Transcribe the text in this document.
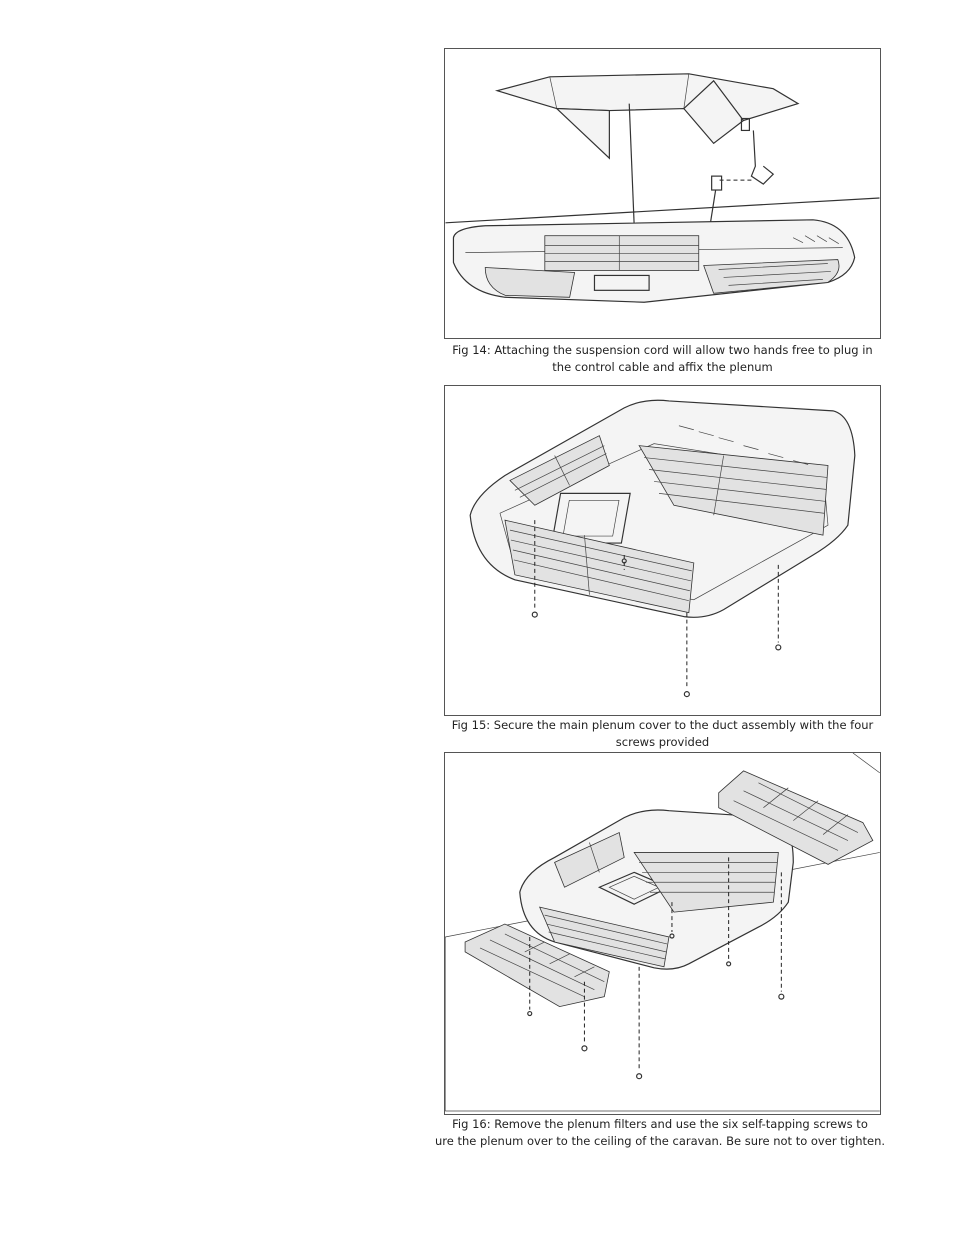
Fig 14: Attaching the suspension cord will allow two hands free to plug in
the control cable and affix the plenum
Fig 15: Secure the main plenum cover to the duct assembly with the four
screws provided
Fig 16: Remove the plenum filters and use the six self-tapping screws to
ure the plenum over to the ceiling of the caravan. Be sure not to over tighten.
